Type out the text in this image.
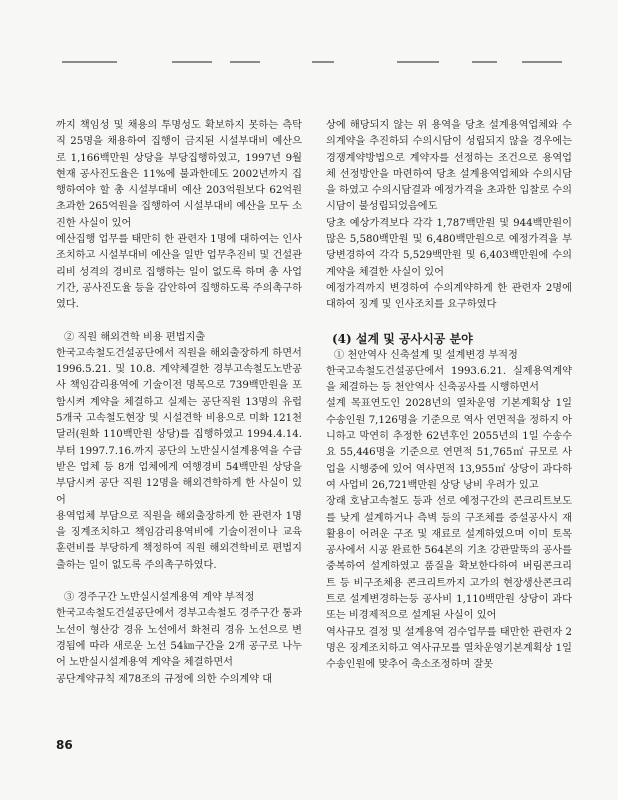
까지 책임성 및 채용의 투명성도 확보하지 못하는 측탁직 25명을 채용하여 집행이 금지된 시설부대비 예산으로 1,166백만원 상당을 부당집행하였고, 1997년 9월 현재 공사진도율은 11%에 불과한데도 2002년까지 집행하여야 할 총 시설부대비 예산 203억원보다 62억원 초과한 265억원을 집행하여 시설부대비 예산을 모두 소진한 사실이 있어

예산집행 업무를 태만히 한 관련자 1명에 대하여는 인사조치하고 시설부대비 예산을 일반 업무추진비 및 건설관리비 성격의 경비로 집행하는 일이 없도록 하며 총 사업기간, 공사진도율 등을 감안하여 집행하도록 주의촉구하였다.

② 직원 해외견학 비용 편법지출

한국고속철도건설공단에서 직원을 해외출장하게 하면서

1996.5.21. 및 10.8. 계약체결한 경부고속철도노반공사 책임감리용역에 기술이전 명목으로 739백만원을 포함시켜 계약을 체결하고 실제는 공단직원 13명의 유럽 5개국 고속철도현장 및 시설견학 비용으로 미화 121천달러(원화 110백만원 상당)를 집행하였고 1994.4.14.부터 1997.7.16.까지 공단의 노반실시설계용역을 수급받은 업체 등 8개 업체에게 여행경비 54백만원 상당을 부담시켜 공단 직원 12명을 해외견학하게 한 사실이 있어

용역업체 부담으로 직원을 해외출장하게 한 관련자 1명을 징계조치하고 책임감리용역비에 기술이전이나 교육훈련비를 부당하게 책정하여 직원 해외견학비로 편법지출하는 일이 없도록 주의촉구하였다.

③ 경주구간 노반실시설계용역 계약 부적정

한국고속철도건설공단에서 경부고속철도 경주구간 통과노선이 형산강 경유 노선에서 화천리 경유 노선으로 변경됨에 따라 새로운 노선 54㎞구간을 2개 공구로 나누어 노반실시설계용역 계약을 체결하면서

공단계약규칙 제78조의 규정에 의한 수의계약 대

상에 해당되지 않는 위 용역을 당초 설계용역업체와 수의계약을 추진하되 수의시담이 성립되지 않을 경우에는 경쟁계약방법으로 계약자를 선정하는 조건으로 용역업체 선정방안을 마련하여 당초 설계용역업체와 수의시담을 하였고 수의시담결과 예정가격을 초과한 입찰로 수의시담이 불성립되었음에도

당초 예상가격보다 각각 1,787백만원 및 944백만원이 많은 5,580백만원 및 6,480백만원으로 예정가격을 부당변경하여 각각 5,529백만원 및 6,403백만원에 수의계약을 체결한 사실이 있어

예정가격까지 변경하여 수의계약하게 한 관련자 2명에 대하여 징계 및 인사조치를 요구하였다

(4) 설계 및 공사시공 분야

① 천안역사 신축설계 및 설계변경 부적정

한국고속철도건설공단에서 1993.6.21. 실제용역계약을 체결하는 등 천안역사 신축공사를 시행하면서

설계 목표연도인 2028년의 열차운영 기본계획상 1일 수송인원 7,126명을 기준으로 역사 연면적을 정하지 아니하고 막연히 추정한 62년후인 2055년의 1일 수송수요 55,446명을 기준으로 연면적 51,765㎡ 규모로 사업을 시행중에 있어 역사면적 13,955㎡ 상당이 과다하여 사업비 26,721백만원 상당 낭비 우려가 있고

장래 호남고속철도 등과 선로 예정구간의 콘크리트보도를 낮게 설계하거나 측벽 등의 구조체를 증설공사시 재활용이 어려운 구조 및 재료로 설계하였으며 이미 토목공사에서 시공 완료한 564본의 기초 강관말뚝의 공사를 중복하여 설계하였고 품질을 확보한다하여 버림콘크리트 등 비구조체용 콘크리트까지 고가의 현장생산콘크리트로 설계변경하는등 공사비 1,110백만원 상당이 과다 또는 비경제적으로 설계된 사실이 있어

역사규모 결정 및 설계용역 검수업무를 태만한 관련자 2명은 징계조치하고 역사규모를 열차운영기본계획상 1일 수송인원에 맞추어 축소조정하며 잘못

86
